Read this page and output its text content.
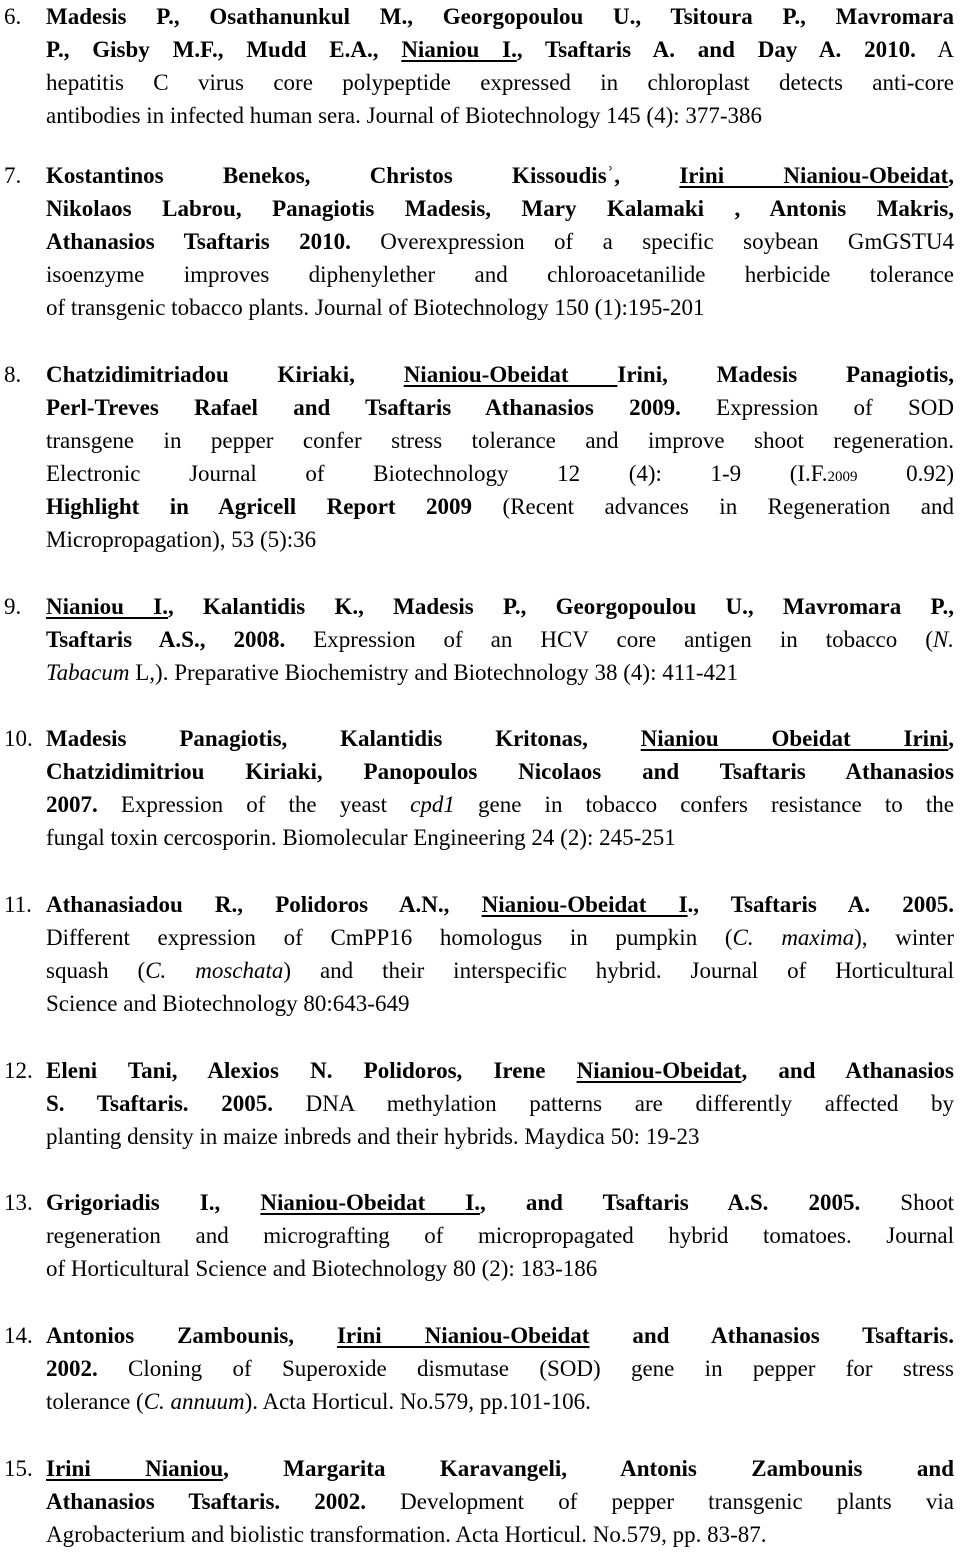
6.	Madesis P., Osathanunkul M., Georgopoulou U., Tsitoura P., Mavromara
P., Gisby M.F., Mudd E.A., Nianiou I., Tsaftaris A. and Day A. 2010. A
hepatitis C virus core polypeptide expressed in chloroplast detects anti-core
antibodies in infected human sera. Journal of Biotechnology 145 (4): 377-386
7.	Kostantinos Benekos, Christos Kissoudisʾ, Irini Nianiou-Obeidat,
Nikolaos Labrou, Panagiotis Madesis, Mary Kalamaki , Antonis Makris,
Athanasios Tsaftaris 2010. Overexpression of a specific soybean GmGSTU4
isoenzyme improves diphenylether and chloroacetanilide herbicide tolerance
of transgenic tobacco plants. Journal of Biotechnology 150 (1):195-201
8.	Chatzidimitriadou Kiriaki, Nianiou-Obeidat Irini, Madesis Panagiotis,
Perl-Treves Rafael and Tsaftaris Athanasios 2009. Expression of SOD
transgene in pepper confer stress tolerance and improve shoot regeneration.
Electronic Journal of Biotechnology 12 (4): 1-9 (I.F.2009 0.92)
Highlight in Agricell Report 2009 (Recent advances in Regeneration and
Micropropagation), 53 (5):36
9.	Nianiou I., Kalantidis K., Madesis P., Georgopoulou U., Mavromara P.,
Tsaftaris A.S., 2008. Expression of an HCV core antigen in tobacco (N.
Tabacum L,). Preparative Biochemistry and Biotechnology 38 (4): 411-421
10. Madesis Panagiotis, Kalantidis Kritonas, Nianiou Obeidat Irini,
Chatzidimitriou Kiriaki, Panopoulos Nicolaos and Tsaftaris Athanasios
2007. Expression of the yeast cpd1 gene in tobacco confers resistance to the
fungal toxin cercosporin. Biomolecular Engineering 24 (2): 245-251
11. Athanasiadou R., Polidoros A.N., Nianiou-Obeidat I., Tsaftaris A. 2005.
Different expression of CmPP16 homologus in pumpkin (C. maxima), winter
squash (C. moschata) and their interspecific hybrid. Journal of Horticultural
Science and Biotechnology 80:643-649
12. Eleni Tani, Alexios N. Polidoros, Irene Nianiou-Obeidat, and Athanasios
S. Tsaftaris. 2005. DNA methylation patterns are differently affected by
planting density in maize inbreds and their hybrids. Maydica 50: 19-23
13. Grigoriadis I., Nianiou-Obeidat I., and Tsaftaris A.S. 2005. Shoot
regeneration and micrografting of micropropagated hybrid tomatoes. Journal
of Horticultural Science and Biotechnology 80 (2): 183-186
14. Antonios Zambounis, Irini Nianiou-Obeidat and Athanasios Tsaftaris.
2002. Cloning of Superoxide dismutase (SOD) gene in pepper for stress
tolerance (C. annuum). Acta Horticul. No.579, pp.101-106.
15. Irini Nianiou, Margarita Karavangeli, Antonis Zambounis and
Athanasios Tsaftaris. 2002. Development of pepper transgenic plants via
Agrobacterium and biolistic transformation. Acta Horticul. No.579, pp. 83-87.
